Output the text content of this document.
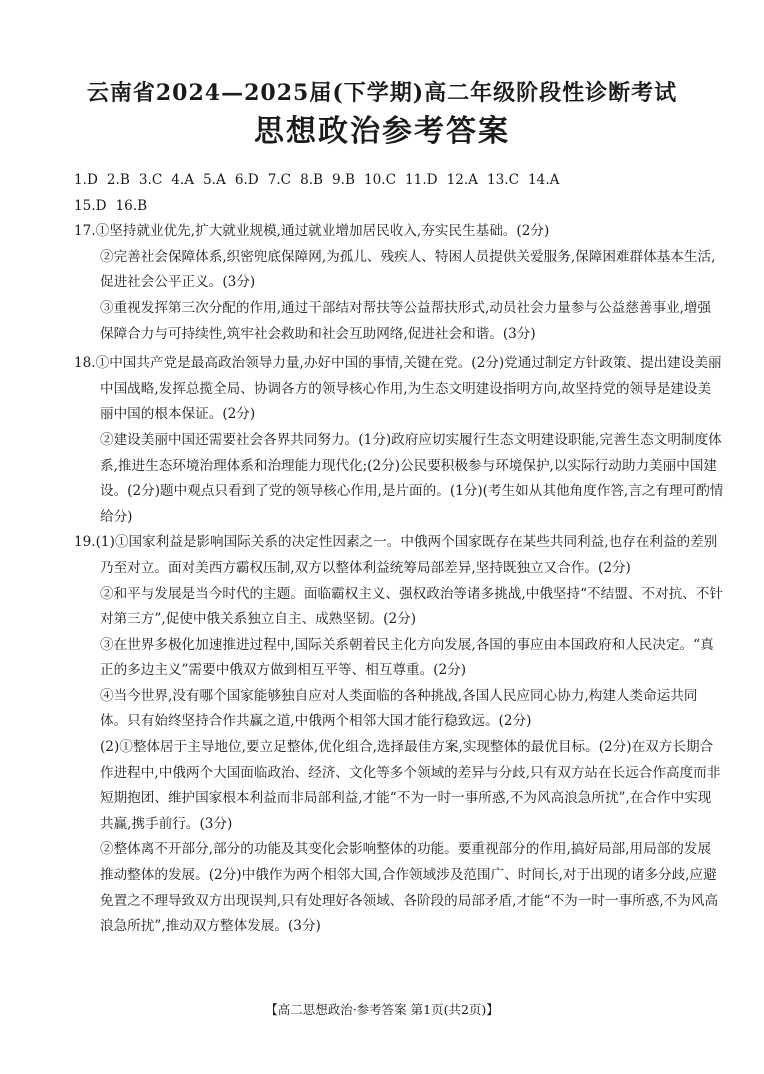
云南省2024—2025届(下学期)高二年级阶段性诊断考试
思想政治参考答案
1.D 2.B 3.C 4.A 5.A 6.D 7.C 8.B 9.B 10.C 11.D 12.A 13.C 14.A
15.D 16.B
17.①坚持就业优先,扩大就业规模,通过就业增加居民收入,夯实民生基础。(2分)
②完善社会保障体系,织密兜底保障网,为孤儿、残疾人、特困人员提供关爱服务,保障困难群体基本生活,促进社会公平正义。(3分)
③重视发挥第三次分配的作用,通过干部结对帮扶等公益帮扶形式,动员社会力量参与公益慈善事业,增强保障合力与可持续性,筑牢社会救助和社会互助网络,促进社会和谐。(3分)
18.①中国共产党是最高政治领导力量,办好中国的事情,关键在党。(2分)党通过制定方针政策、提出建设美丽中国战略,发挥总揽全局、协调各方的领导核心作用,为生态文明建设指明方向,故坚持党的领导是建设美丽中国的根本保证。(2分)
②建设美丽中国还需要社会各界共同努力。(1分)政府应切实履行生态文明建设职能,完善生态文明制度体系,推进生态环境治理体系和治理能力现代化;(2分)公民要积极参与环境保护,以实际行动助力美丽中国建设。(2分)题中观点只看到了党的领导核心作用,是片面的。(1分)(考生如从其他角度作答,言之有理可酌情给分)
19.(1)①国家利益是影响国际关系的决定性因素之一。中俄两个国家既存在某些共同利益,也存在利益的差别乃至对立。面对美西方霸权压制,双方以整体利益统筹局部差异,坚持既独立又合作。(2分)
②和平与发展是当今时代的主题。面临霸权主义、强权政治等诸多挑战,中俄坚持“不结盟、不对抗、不针对第三方”,促使中俄关系独立自主、成熟坚韧。(2分)
③在世界多极化加速推进过程中,国际关系朝着民主化方向发展,各国的事应由本国政府和人民决定。“真正的多边主义”需要中俄双方做到相互平等、相互尊重。(2分)
④当今世界,没有哪个国家能够独自应对人类面临的各种挑战,各国人民应同心协力,构建人类命运共同体。只有始终坚持合作共赢之道,中俄两个相邻大国才能行稳致远。(2分)
(2)①整体居于主导地位,要立足整体,优化组合,选择最佳方案,实现整体的最优目标。(2分)在双方长期合作进程中,中俄两个大国面临政治、经济、文化等多个领域的差异与分歧,只有双方站在长远合作高度而非短期抱团、维护国家根本利益而非局部利益,才能“不为一时一事所惑,不为风高浪急所扰”,在合作中实现共赢,携手前行。(3分)
②整体离不开部分,部分的功能及其变化会影响整体的功能。要重视部分的作用,搞好局部,用局部的发展推动整体的发展。(2分)中俄作为两个相邻大国,合作领域涉及范围广、时间长,对于出现的诸多分歧,应避免置之不理导致双方出现误判,只有处理好各领域、各阶段的局部矛盾,才能“不为一时一事所惑,不为风高浪急所扰”,推动双方整体发展。(3分)
【高二思想政治·参考答案 第1页(共2页)】
